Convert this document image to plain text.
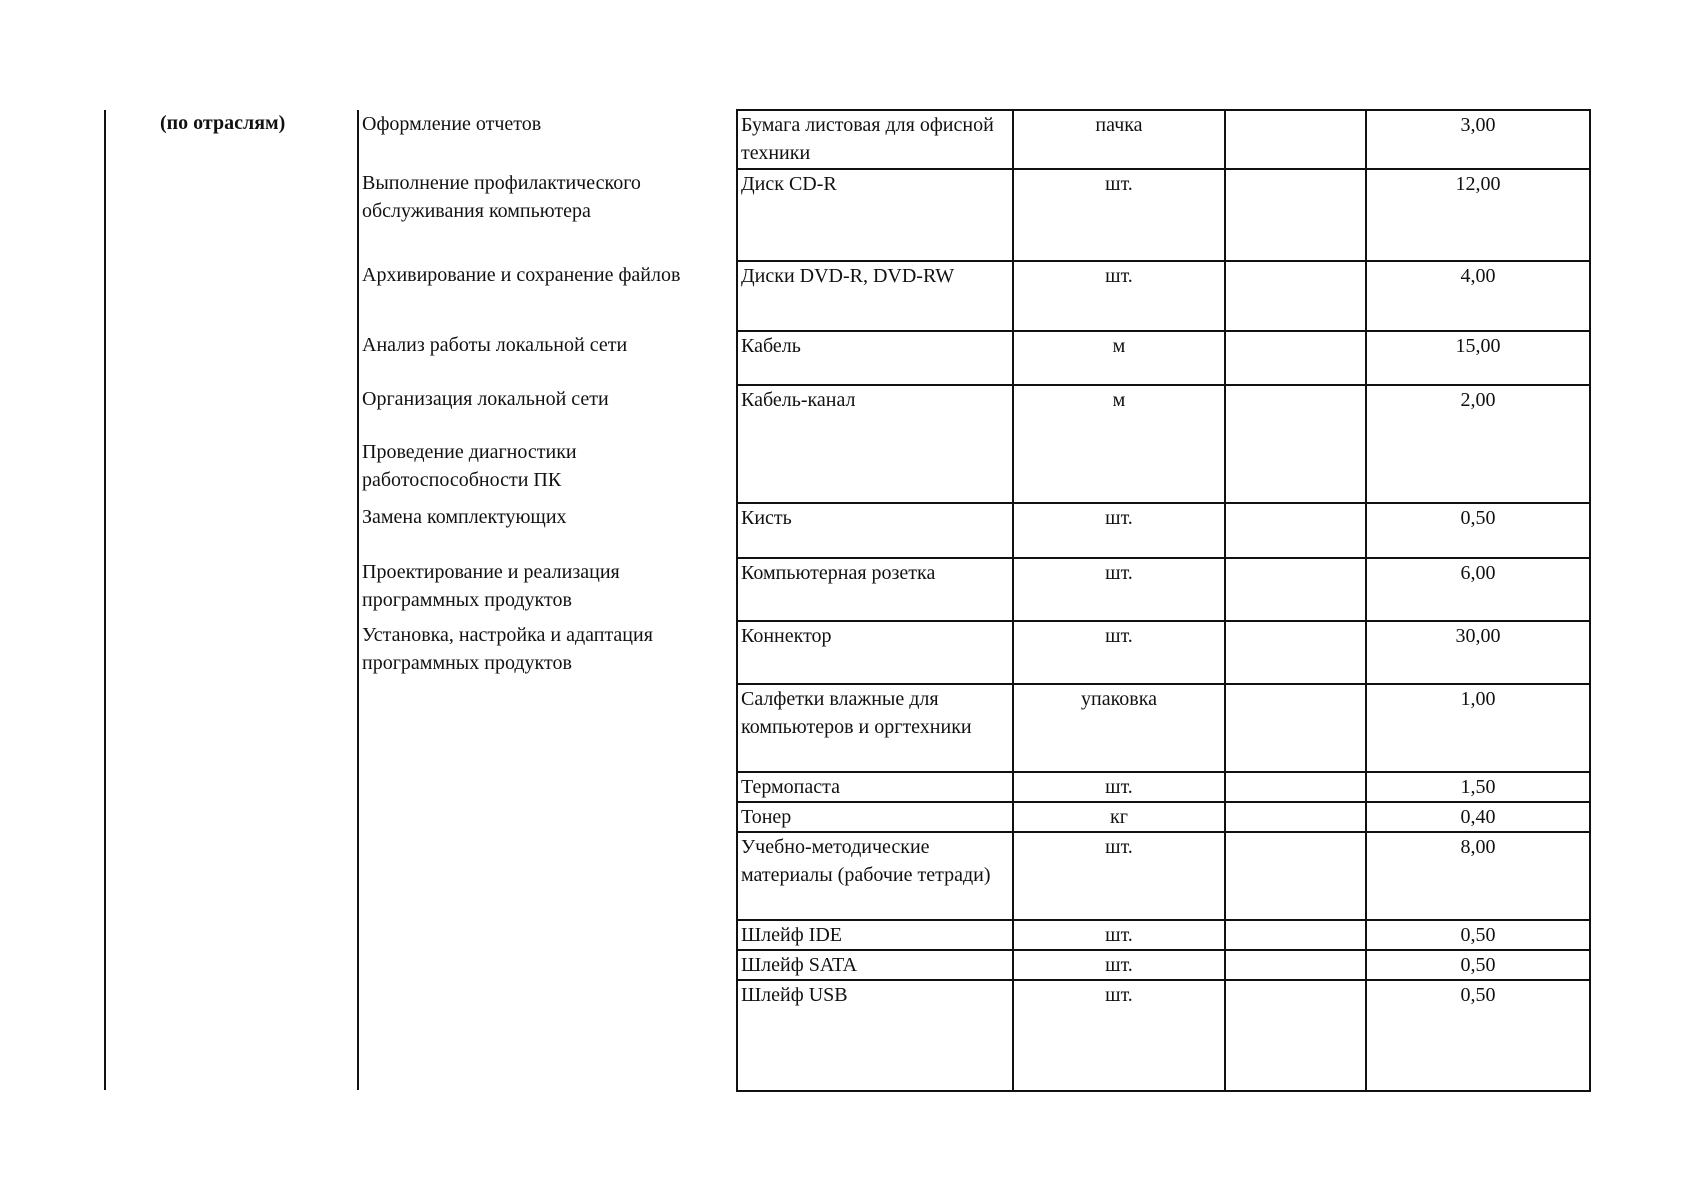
(по отраслям)	Оформление отчетов
Выполнение профилактического обслуживания компьютера
Архивирование и сохранение файлов
Анализ работы локальной сети
Организация локальной сети
Проведение диагностики работоспособности ПК
Замена комплектующих
Проектирование и реализация программных продуктов
Установка, настройка и адаптация программных продуктов
Бумага листовая для офисной техники	пачка		3,00
Диск CD-R	шт.		12,00
Диски DVD-R, DVD-RW	шт.		4,00
Кабель	м		15,00
Кабель-канал	м		2,00
Кисть	шт.		0,50
Компьютерная розетка	шт.		6,00
Коннектор	шт.		30,00
Салфетки влажные для компьютеров и оргтехники	упаковка		1,00
Термопаста	шт.		1,50
Тонер	кг		0,40
Учебно-методические материалы (рабочие тетради)	шт.		8,00
Шлейф IDE	шт.		0,50
Шлейф SATA	шт.		0,50
Шлейф USB	шт.		0,50
